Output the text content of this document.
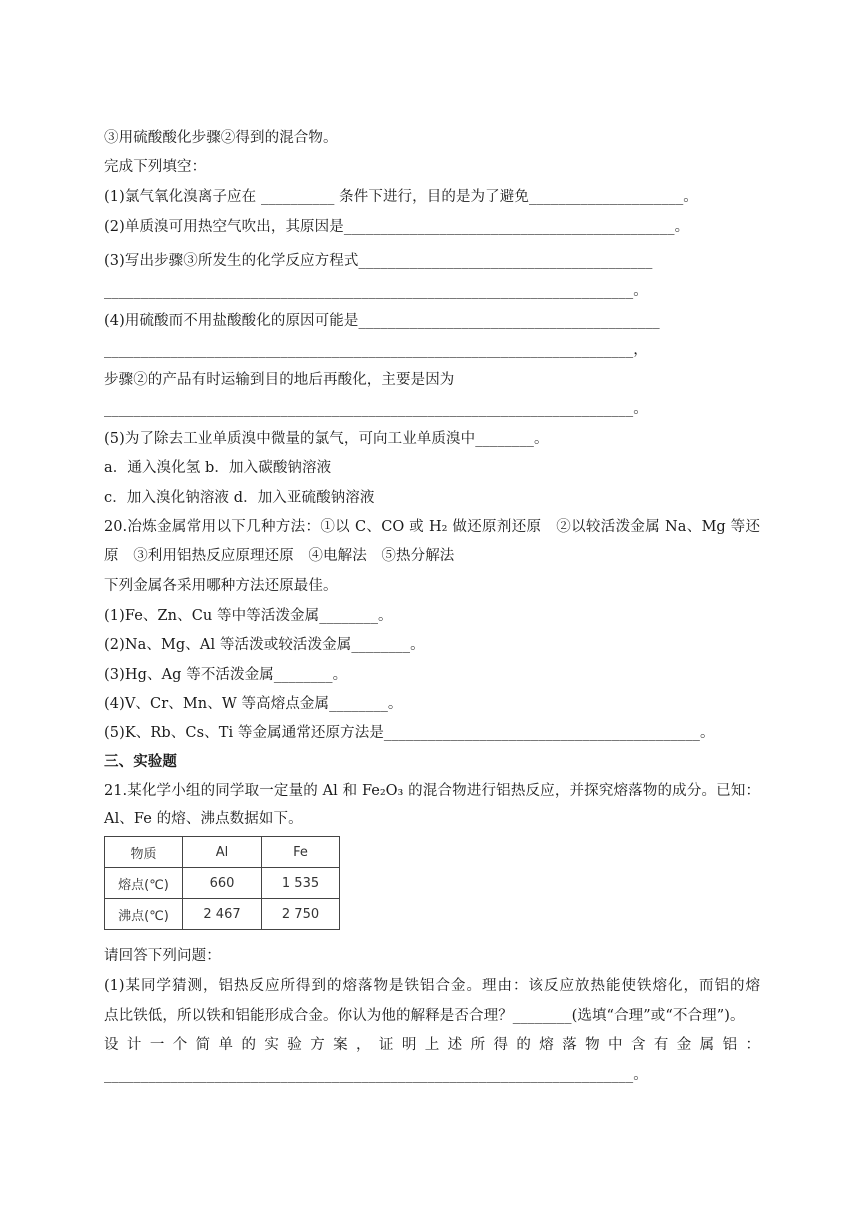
③用硫酸酸化步骤②得到的混合物。
完成下列填空：
(1)氯气氧化溴离子应在 __________ 条件下进行，目的是为了避免_____________________。
(2)单质溴可用热空气吹出，其原因是_____________________________________________。
(3)写出步骤③所发生的化学反应方程式________________________________________
________________________________________________________________________。
(4)用硫酸而不用盐酸酸化的原因可能是_________________________________________
________________________________________________________________________，
步骤②的产品有时运输到目的地后再酸化，主要是因为
________________________________________________________________________。
(5)为了除去工业单质溴中微量的氯气，可向工业单质溴中________。
a．通入溴化氢 b．加入碳酸钠溶液
c．加入溴化钠溶液 d．加入亚硫酸钠溶液
20.冶炼金属常用以下几种方法：①以 C、CO 或 H₂ 做还原剂还原　②以较活泼金属 Na、Mg 等还
原　③利用铝热反应原理还原　④电解法　⑤热分解法
下列金属各采用哪种方法还原最佳。
(1)Fe、Zn、Cu 等中等活泼金属________。
(2)Na、Mg、Al 等活泼或较活泼金属________。
(3)Hg、Ag 等不活泼金属________。
(4)V、Cr、Mn、W 等高熔点金属________。
(5)K、Rb、Cs、Ti 等金属通常还原方法是___________________________________________。
三、实验题
21.某化学小组的同学取一定量的 Al 和 Fe₂O₃ 的混合物进行铝热反应，并探究熔落物的成分。已知：
Al、Fe 的熔、沸点数据如下。
物质	Al	Fe
熔点(℃)	660	1 535
沸点(℃)	2 467	2 750
请回答下列问题：
(1)某同学猜测，铝热反应所得到的熔落物是铁铝合金。理由：该反应放热能使铁熔化，而铝的熔
点比铁低，所以铁和铝能形成合金。你认为他的解释是否合理？________(选填“合理”或“不合理”)。
设 计 一 个 简 单 的 实 验 方 案 ， 证 明 上 述 所 得 的 熔 落 物 中 含 有 金 属 铝 ：
________________________________________________________________________。
